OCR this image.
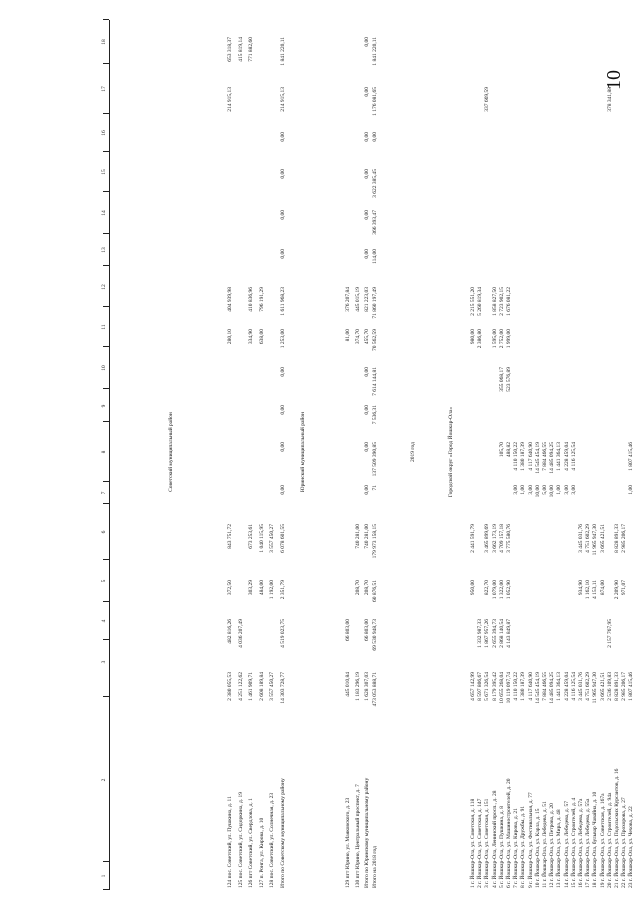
10
1
2
3
4
5
6
7
8
9
10
11
12
13
14
15
16
17
18
Советский муниципальный район
124 пос. Советский, ул. Пушкина, д. 11
2 380 055,53
482 816,26
372,50
843 751,72
280,10
404 939,98
214 915,13
653 318,37
125 пос. Советский, ул. Сидоркина, д. 19
4 251 122,62
4 036 207,49
415 819,14
126 пгт Советский, ул. Свердлова, д. 1
1 461 909,71
303,29
673 253,61
334,90
410 836,96
771 882,60
127 п. Ронга, ул. Кирова, д. 10
2 608 189,84
484,00
1 040 115,95
638,00
796 191,29
128 пос. Советский, ул. Солнечная, д. 23
3 557 450,27
1 192,00
3 557 450,27
Итого по Советскому муниципальному району
14 303 728,77
4 519 023,75
2 351,79
6 078 601,55
0,00
0,00
0,00
0,00
1 253,00
1 611 968,23
0,00
0,00
0,00
0,00
214 915,13
1 841 220,11
Юринский муниципальный район
129 пгт Юрино, ул. Маяковского, д. 23
445 010,84
66 803,00
81,00
376 207,84
130 пгт Юрино, Центральный проспект, д. 7
1 183 296,19
208,70
740 281,00
374,70
445 015,19
Итого по Юринскому муниципальному району
1 628 307,03
66 803,00
208,70
740 281,00
0,00
0,00
0,00
0,00
455,70
821 223,03
0,00
0,00
0,00
0,00
0,00
0,00
Итого на 2018 год
473 053 888,71
69 530 948,73
60 876,51
179 973 158,15
71
137 509 390,85
7 536,31
7 614 144,81
70 562,59
71 860 197,49
114,00
366 393,47
3 622 385,45
0,00
1 176 081,65
1 841 220,11
2019 год	Городской округ «Город Йошкар-Ола»
1 г. Йошкар-Ола, ул. Советская, д. 118
4 657 142,99
950,00
2 441 591,79
980,00
2 215 551,20
2 г. Йошкар-Ола, ул. Советская, д. 147
8 597 806,67
1 332 987,33
2 386,80
5 260 819,34
3 г. Йошкар-Ола, ул. Советская, д. 151
5 671 326,54
1 867 957,26
822,70
3 465 899,69
337 669,59
4 г. Йошкар-Ола, Ленинский просп., д. 28
8 179 395,42
2 655 394,73
1 079,00
3 662 173,19
1 595,00
1 858 827,50
5 г. Йошкар-Ола, ул. Пушкина, д. 8
10 655 268,04
2 868 140,54
1 322,00
4 709 157,18
105,70
355 068,17
2 752,00
2 723 902,15
6 г. Йошкар-Ола, ул. Машиностроителей, д. 20
10 119 097,74
4 143 849,87
1 052,90
3 775 580,76
488,82
523 576,89
1 999,00
1 676 081,22
7 г. Йошкар-Ола, ул. Кирова, д. 21
4 110 150,22
3,00
4 110 150,22
8 г. Йошкар-Ола, ул. Дружбы, д. 91
1 380 187,39
1,00
1 380 187,39
9 г. Йошкар-Ола, ул. Фестивальная, д. 77
4 117 640,90
3,00
4 117 640,90
10 г. Йошкар-Ола, ул. Карла, д. 15
14 545 454,19
10,00
14 545 454,19
11 г. Йошкар-Ола, ул. Лебедева, д. 51
7 884 466,55
5,00
7 884 466,55
12 г. Йошкар-Ола, ул. Петрова, д. 20
14 485 094,25
10,00
14 485 094,25
13 г. Йошкар-Ола, ул. Мира, д. 48
1 441 364,13
1,00
1 441 364,13
14 г. Йошкар-Ола, ул. Лебедева, д. 57
4 228 459,04
3,00
4 228 459,04
15 г. Йошкар-Ола, ул. Строителей, д. 4
4 116 125,54
3,00
4 116 125,54
16 г. Йошкар-Ола, ул. Лебедева, д. 57а
3 445 031,76
934,90
3 445 031,76
17 г. Йошкар-Ола, ул. Лебедева, д. 55а
4 751 602,29
1 162,10
4 751 602,29
18 г. Йошкар-Ола, бульвар Чавайна, д. 10
11 965 947,30
4 153,11
11 965 947,30
19 г. Йошкар-Ола, ул. Советская, д. 167а
3 665 421,51
874,00
3 665 421,51
20 г. Йошкар-Ола, ул. Строителей, д. 94а
2 536 109,83
2 157 767,95
378 341,88
21 г. Йошкар-Ола, ул. Подольских Курсантов, д. 16
8 828 891,33
2 209,90
8 828 891,33
22 г. Йошкар-Ола, ул. Прохорова, д. 27
2 985 206,17
971,07
2 985 206,17
23 г. Йошкар-Ола, ул. Чехова, д. 22
1 807 415,46
1,00
1 807 415,46
